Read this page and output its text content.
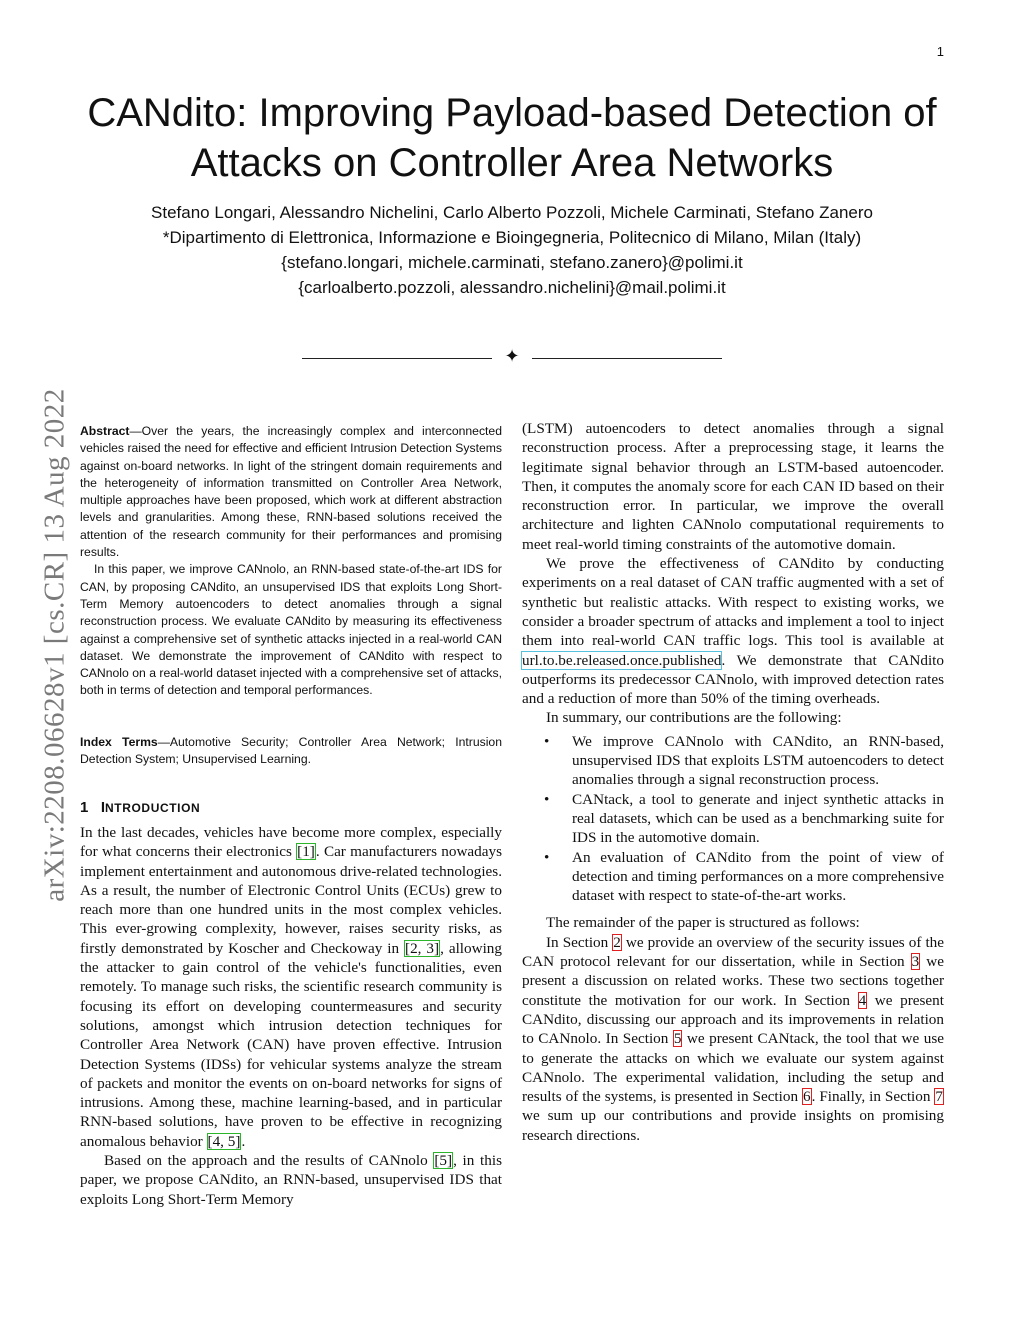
1
arXiv:2208.06628v1 [cs.CR] 13 Aug 2022
CANdito: Improving Payload-based Detection of
Attacks on Controller Area Networks
Stefano Longari, Alessandro Nichelini, Carlo Alberto Pozzoli, Michele Carminati, Stefano Zanero
*Dipartimento di Elettronica, Informazione e Bioingegneria, Politecnico di Milano, Milan (Italy)
{stefano.longari, michele.carminati, stefano.zanero}@polimi.it
{carloalberto.pozzoli, alessandro.nichelini}@mail.polimi.it
✦

Abstract—Over the years, the increasingly complex and interconnected vehicles raised the need for effective and efficient Intrusion Detection Systems against on-board networks. In light of the stringent domain requirements and the heterogeneity of information transmitted on Controller Area Network, multiple approaches have been proposed, which work at different abstraction levels and granularities. Among these, RNN-based solutions received the attention of the research community for their performances and promising results.

In this paper, we improve CANnolo, an RNN-based state-of-the-art IDS for CAN, by proposing CANdito, an unsupervised IDS that exploits Long Short-Term Memory autoencoders to detect anomalies through a signal reconstruction process. We evaluate CANdito by measuring its effectiveness against a comprehensive set of synthetic attacks injected in a real-world CAN dataset. We demonstrate the improvement of CANdito with respect to CANnolo on a real-world dataset injected with a comprehensive set of attacks, both in terms of detection and temporal performances.

Index Terms—Automotive Security; Controller Area Network; Intrusion Detection System; Unsupervised Learning.
1 INTRODUCTION

In the last decades, vehicles have become more complex, especially for what concerns their electronics [1]. Car manufacturers nowadays implement entertainment and autonomous drive-related technologies. As a result, the number of Electronic Control Units (ECUs) grew to reach more than one hundred units in the most complex vehicles. This ever-growing complexity, however, raises security risks, as firstly demonstrated by Koscher and Checkoway in [2, 3], allowing the attacker to gain control of the vehicle's functionalities, even remotely. To manage such risks, the scientific research community is focusing its effort on developing countermeasures and security solutions, amongst which intrusion detection techniques for Controller Area Network (CAN) have proven effective. Intrusion Detection Systems (IDSs) for vehicular systems analyze the stream of packets and monitor the events on on-board networks for signs of intrusions. Among these, machine learning-based, and in particular RNN-based solutions, have proven to be effective in recognizing anomalous behavior [4, 5].

Based on the approach and the results of CANnolo [5], in this paper, we propose CANdito, an RNN-based, unsupervised IDS that exploits Long Short-Term Memory

(LSTM) autoencoders to detect anomalies through a signal reconstruction process. After a preprocessing stage, it learns the legitimate signal behavior through an LSTM-based autoencoder. Then, it computes the anomaly score for each CAN ID based on their reconstruction error. In particular, we improve the overall architecture and lighten CANnolo computational requirements to meet real-world timing constraints of the automotive domain.

We prove the effectiveness of CANdito by conducting experiments on a real dataset of CAN traffic augmented with a set of synthetic but realistic attacks. With respect to existing works, we consider a broader spectrum of attacks and implement a tool to inject them into real-world CAN traffic logs. This tool is available at url.to.be.released.once.published. We demonstrate that CANdito outperforms its predecessor CANnolo, with improved detection rates and a reduction of more than 50% of the timing overheads.

In summary, our contributions are the following:

• We improve CANnolo with CANdito, an RNN-based, unsupervised IDS that exploits LSTM autoencoders to detect anomalies through a signal reconstruction process.
• CANtack, a tool to generate and inject synthetic attacks in real datasets, which can be used as a benchmarking suite for IDS in the automotive domain.
• An evaluation of CANdito from the point of view of detection and timing performances on a more comprehensive dataset with respect to state-of-the-art works.

The remainder of the paper is structured as follows:

In Section 2 we provide an overview of the security issues of the CAN protocol relevant for our dissertation, while in Section 3 we present a discussion on related works. These two sections together constitute the motivation for our work. In Section 4 we present CANdito, discussing our approach and its improvements in relation to CANnolo. In Section 5 we present CANtack, the tool that we use to generate the attacks on which we evaluate our system against CANnolo. The experimental validation, including the setup and results of the systems, is presented in Section 6. Finally, in Section 7 we sum up our contributions and provide insights on promising research directions.
